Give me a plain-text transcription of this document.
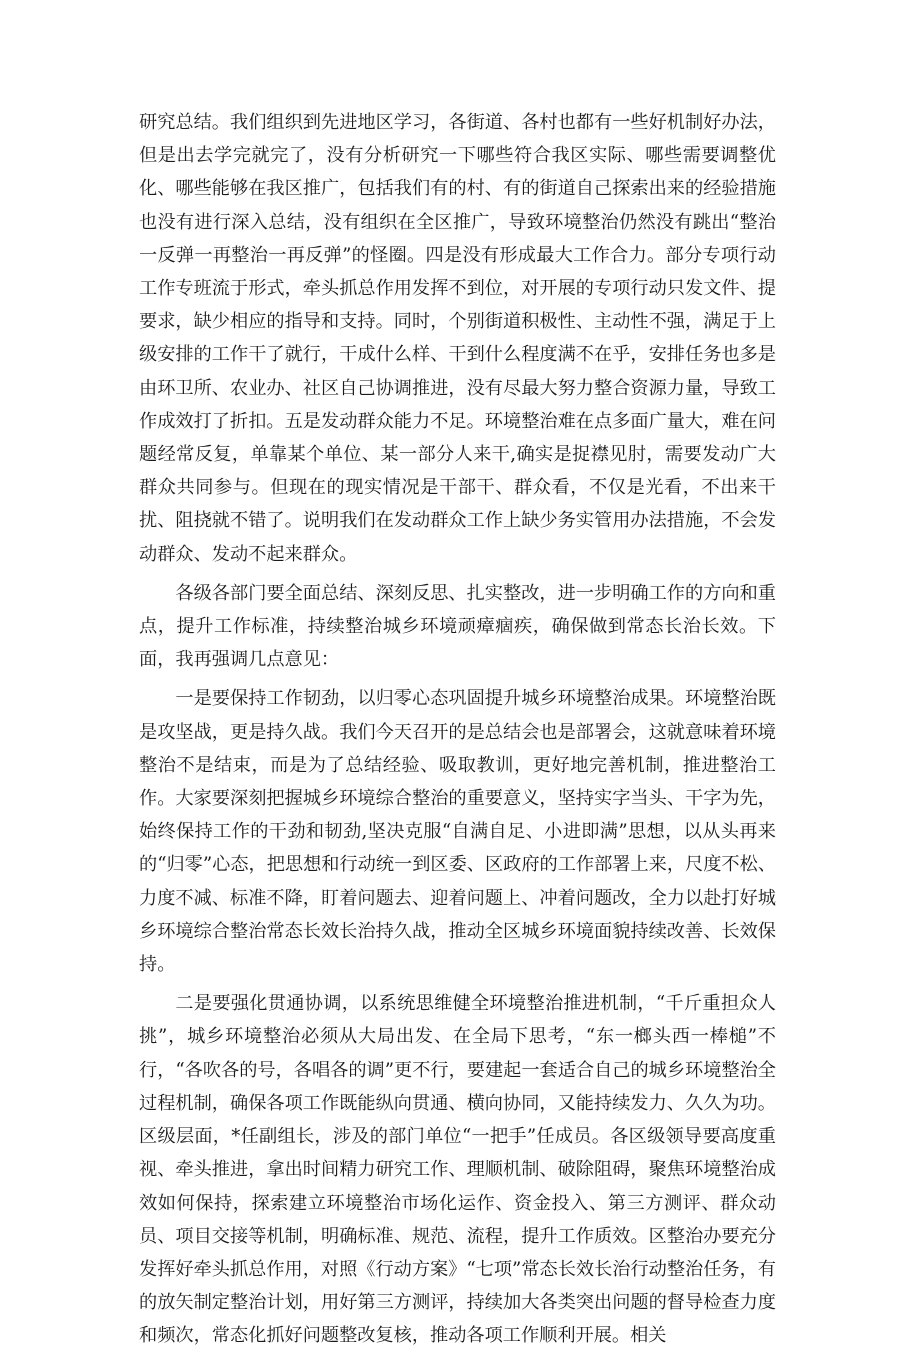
研究总结。我们组织到先进地区学习，各街道、各村也都有一些好机制好办法，但是出去学完就完了，没有分析研究一下哪些符合我区实际、哪些需要调整优化、哪些能够在我区推广，包括我们有的村、有的街道自己探索出来的经验措施也没有进行深入总结，没有组织在全区推广，导致环境整治仍然没有跳出“整治一反弹一再整治一再反弹”的怪圈。四是没有形成最大工作合力。部分专项行动工作专班流于形式，牵头抓总作用发挥不到位，对开展的专项行动只发文件、提要求，缺少相应的指导和支持。同时，个别街道积极性、主动性不强，满足于上级安排的工作干了就行，干成什么样、干到什么程度满不在乎，安排任务也多是由环卫所、农业办、社区自己协调推进，没有尽最大努力整合资源力量，导致工作成效打了折扣。五是发动群众能力不足。环境整治难在点多面广量大，难在问题经常反复，单靠某个单位、某一部分人来干,确实是捉襟见肘，需要发动广大群众共同参与。但现在的现实情况是干部干、群众看，不仅是光看，不出来干扰、阻挠就不错了。说明我们在发动群众工作上缺少务实管用办法措施，不会发动群众、发动不起来群众。

各级各部门要全面总结、深刻反思、扎实整改，进一步明确工作的方向和重点，提升工作标准，持续整治城乡环境顽瘴痼疾，确保做到常态长治长效。下面，我再强调几点意见：

一是要保持工作韧劲，以归零心态巩固提升城乡环境整治成果。环境整治既是攻坚战，更是持久战。我们今天召开的是总结会也是部署会，这就意味着环境整治不是结束，而是为了总结经验、吸取教训，更好地完善机制，推进整治工作。大家要深刻把握城乡环境综合整治的重要意义，坚持实字当头、干字为先，始终保持工作的干劲和韧劲,坚决克服“自满自足、小进即满”思想，以从头再来的“归零”心态，把思想和行动统一到区委、区政府的工作部署上来，尺度不松、力度不减、标准不降，盯着问题去、迎着问题上、冲着问题改，全力以赴打好城乡环境综合整治常态长效长治持久战，推动全区城乡环境面貌持续改善、长效保持。

二是要强化贯通协调，以系统思维健全环境整治推进机制，“千斤重担众人挑”，城乡环境整治必须从大局出发、在全局下思考，“东一榔头西一棒槌”不行，“各吹各的号，各唱各的调”更不行，要建起一套适合自己的城乡环境整治全过程机制，确保各项工作既能纵向贯通、横向协同，又能持续发力、久久为功。区级层面，*任副组长，涉及的部门单位“一把手”任成员。各区级领导要高度重视、牵头推进，拿出时间精力研究工作、理顺机制、破除阻碍，聚焦环境整治成效如何保持，探索建立环境整治市场化运作、资金投入、第三方测评、群众动员、项目交接等机制，明确标准、规范、流程，提升工作质效。区整治办要充分发挥好牵头抓总作用，对照《行动方案》“七项”常态长效长治行动整治任务，有的放矢制定整治计划，用好第三方测评，持续加大各类突出问题的督导检查力度和频次，常态化抓好问题整改复核，推动各项工作顺利开展。相关
